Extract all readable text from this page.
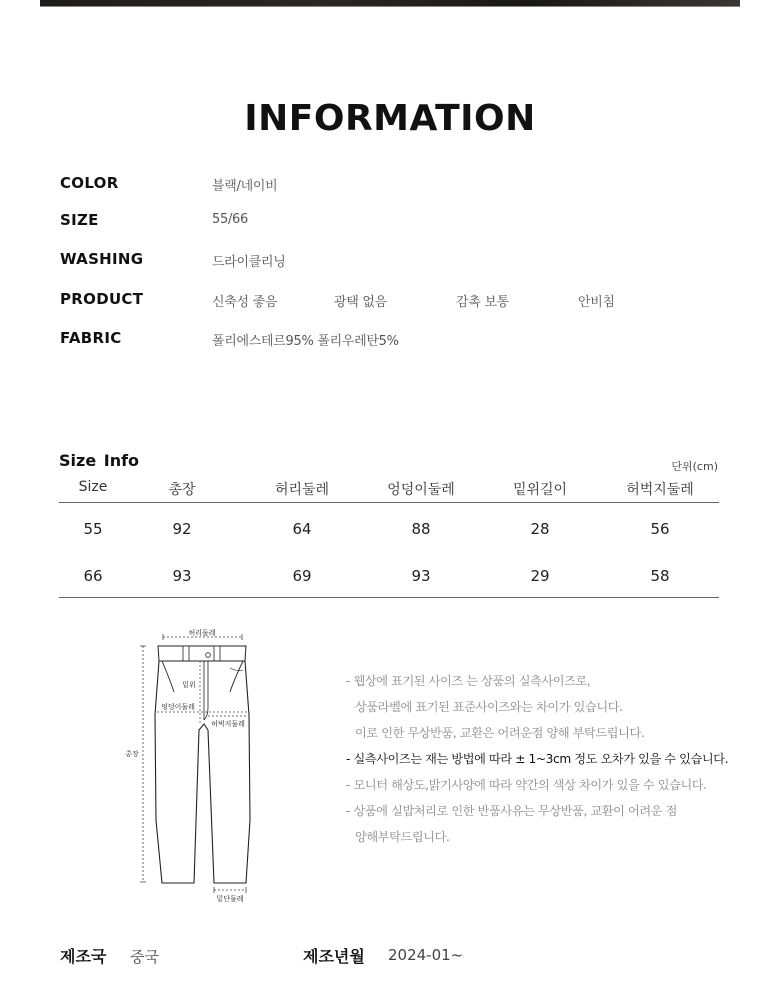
INFORMATION
COLOR	블랙/네이비
SIZE	55/66
WASHING	드라이클리닝
PRODUCT	신축성 좋음	광택 없음	감촉 보통	안비침
FABRIC	폴리에스테르95% 폴리우레탄5%
Size Info	단위(cm)
Size	총장	허리둘레	엉덩이둘레	밑위길이	허벅지둘레
55	92	64	88	28	56
66	93	69	93	29	58
허리둘레
총장
밑위
엉덩이둘레
허벅지둘레
밑단둘레
- 웹상에 표기된 사이즈 는 상품의 실측사이즈로,
상품라벨에 표기된 표준사이즈와는 차이가 있습니다.
이로 인한 무상반품, 교환은 어려운점 양해 부탁드립니다.
- 실측사이즈는 재는 방법에 따라 ± 1~3cm 정도 오차가 있을 수 있습니다.
- 모니터 해상도,밝기사양에 따라 약간의 색상 차이가 있을 수 있습니다.
- 상품에 실밥처리로 인한 반품사유는 무상반품, 교환이 어려운 점
양해부탁드립니다.
제조국 중국	제조년월 2024-01~
